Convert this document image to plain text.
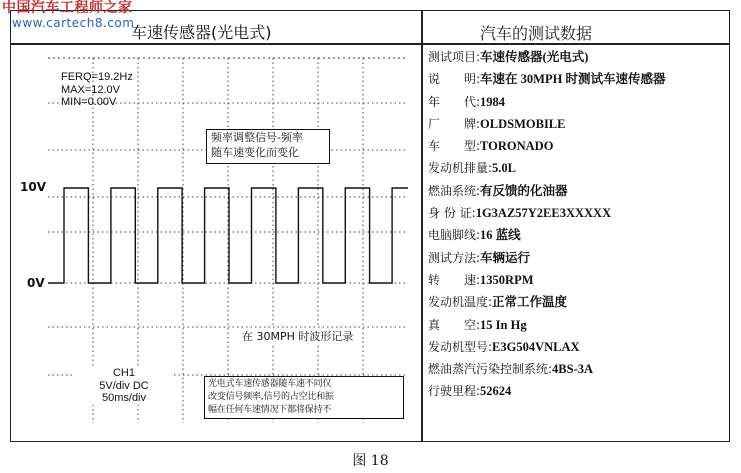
中国汽车工程师之家
www.cartech8.com
车速传感器(光电式)	汽车的测试数据
FERQ=19.2Hz
MAX=12.0V
MIN=0.00V
10V
0V
频率调整信号-频率
随车速变化而变化
在 30MPH 时波形记录
CH1
5V/div DC
50ms/div
光电式车速传感器随车速不同仅
改变信号频率,信号的占空比和振
幅在任何车速情况下都将保持不
测试项目:车速传感器(光电式)
说　　明:车速在 30MPH 时测试车速传感器
年　　代:1984
厂　　牌:OLDSMOBILE
车　　型:TORONADO
发动机排量:5.0L
燃油系统:有反馈的化油器
身 份 证:1G3AZ57Y2EE3XXXXX
电脑脚线:16 蓝线
测试方法:车辆运行
转　　速:1350RPM
发动机温度:正常工作温度
真　　空:15 In Hg
发动机型号:E3G504VNLAX
燃油蒸汽污染控制系统:4BS-3A
行驶里程:52624
图 18
